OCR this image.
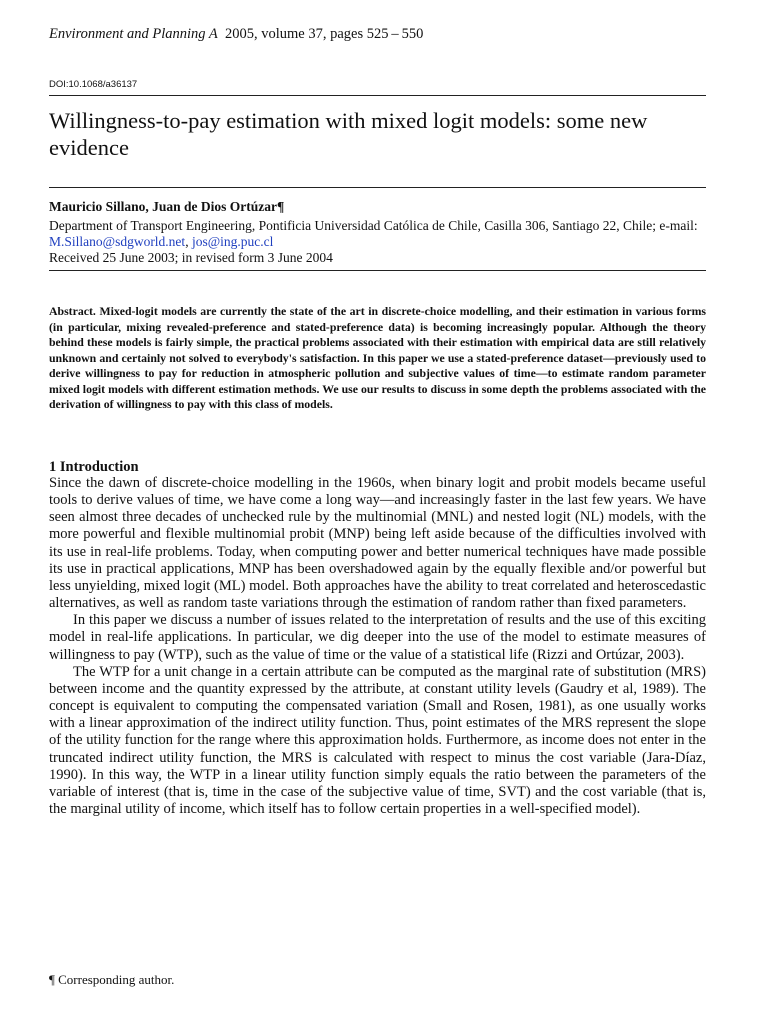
Environment and Planning A 2005, volume 37, pages 525 – 550
DOI:10.1068/a36137
Willingness-to-pay estimation with mixed logit models: some new evidence
Mauricio Sillano, Juan de Dios Ortúzar¶
Department of Transport Engineering, Pontificia Universidad Católica de Chile, Casilla 306, Santiago 22, Chile; e-mail: M.Sillano@sdgworld.net, jos@ing.puc.cl
Received 25 June 2003; in revised form 3 June 2004
Abstract. Mixed-logit models are currently the state of the art in discrete-choice modelling, and their estimation in various forms (in particular, mixing revealed-preference and stated-preference data) is becoming increasingly popular. Although the theory behind these models is fairly simple, the practical problems associated with their estimation with empirical data are still relatively unknown and certainly not solved to everybody's satisfaction. In this paper we use a stated-preference dataset—previously used to derive willingness to pay for reduction in atmospheric pollution and subjective values of time—to estimate random parameter mixed logit models with different estimation methods. We use our results to discuss in some depth the problems associated with the derivation of willingness to pay with this class of models.
1 Introduction

Since the dawn of discrete-choice modelling in the 1960s, when binary logit and probit models became useful tools to derive values of time, we have come a long way—and increasingly faster in the last few years. We have seen almost three decades of unchecked rule by the multinomial (MNL) and nested logit (NL) models, with the more powerful and flexible multinomial probit (MNP) being left aside because of the difficulties involved with its use in real-life problems. Today, when computing power and better numerical techniques have made possible its use in practical applications, MNP has been overshadowed again by the equally flexible and/or powerful but less unyielding, mixed logit (ML) model. Both approaches have the ability to treat correlated and heteroscedastic alternatives, as well as random taste variations through the estimation of random rather than fixed parameters.

In this paper we discuss a number of issues related to the interpretation of results and the use of this exciting model in real-life applications. In particular, we dig deeper into the use of the model to estimate measures of willingness to pay (WTP), such as the value of time or the value of a statistical life (Rizzi and Ortúzar, 2003).

The WTP for a unit change in a certain attribute can be computed as the marginal rate of substitution (MRS) between income and the quantity expressed by the attribute, at constant utility levels (Gaudry et al, 1989). The concept is equivalent to computing the compensated variation (Small and Rosen, 1981), as one usually works with a linear approximation of the indirect utility function. Thus, point estimates of the MRS represent the slope of the utility function for the range where this approximation holds. Furthermore, as income does not enter in the truncated indirect utility function, the MRS is calculated with respect to minus the cost variable (Jara-Díaz, 1990). In this way, the WTP in a linear utility function simply equals the ratio between the parameters of the variable of interest (that is, time in the case of the subjective value of time, SVT) and the cost variable (that is, the marginal utility of income, which itself has to follow certain properties in a well-specified model).

¶ Corresponding author.
